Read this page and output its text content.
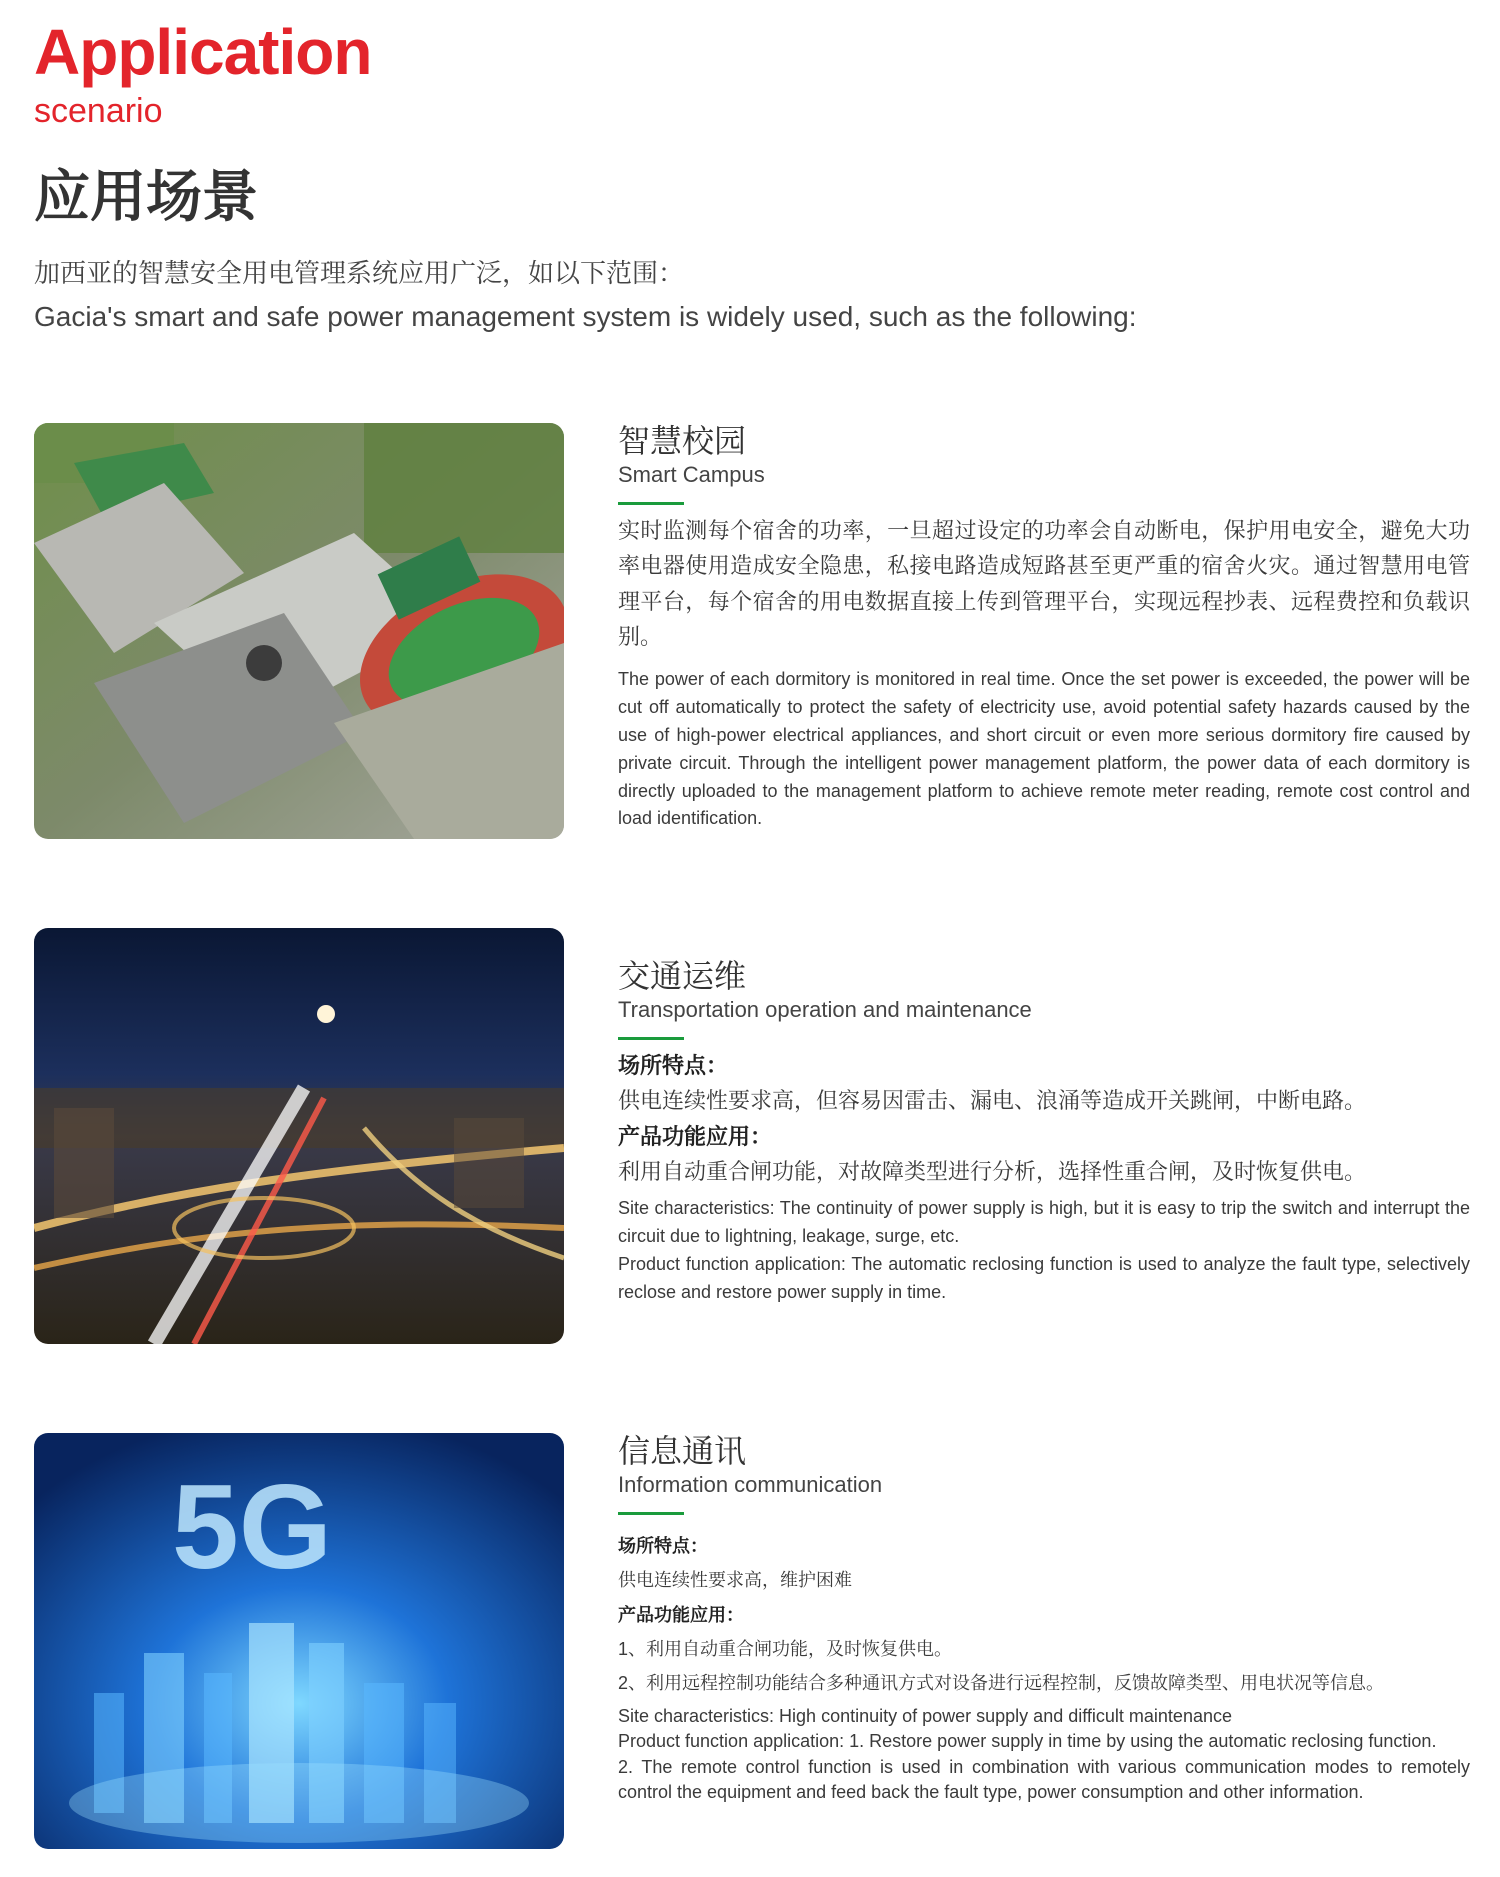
Application
scenario
应用场景
加西亚的智慧安全用电管理系统应用广泛，如以下范围：
Gacia's smart and safe power management system is widely used, such as the following:
智慧校园
Smart Campus
实时监测每个宿舍的功率，一旦超过设定的功率会自动断电，保护用电安全，避免大功率电器使用造成安全隐患，私接电路造成短路甚至更严重的宿舍火灾。通过智慧用电管理平台，每个宿舍的用电数据直接上传到管理平台，实现远程抄表、远程费控和负载识别。
The power of each dormitory is monitored in real time. Once the set power is exceeded, the power will be cut off automatically to protect the safety of electricity use, avoid potential safety hazards caused by the use of high-power electrical appliances, and short circuit or even more serious dormitory fire caused by private circuit. Through the intelligent power management platform, the power data of each dormitory is directly uploaded to the management platform to achieve remote meter reading, remote cost control and load identification.
交通运维
Transportation operation and maintenance
场所特点：
供电连续性要求高，但容易因雷击、漏电、浪涌等造成开关跳闸，中断电路。
产品功能应用：
利用自动重合闸功能，对故障类型进行分析，选择性重合闸，及时恢复供电。
Site characteristics: The continuity of power supply is high, but it is easy to trip the switch and interrupt the circuit due to lightning, leakage, surge, etc.
Product function application: The automatic reclosing function is used to analyze the fault type, selectively reclose and restore power supply in time.
5G
信息通讯
Information communication
场所特点：
供电连续性要求高，维护困难
产品功能应用：
1、利用自动重合闸功能，及时恢复供电。
2、利用远程控制功能结合多种通讯方式对设备进行远程控制，反馈故障类型、用电状况等信息。
Site characteristics: High continuity of power supply and difficult maintenance
Product function application: 1. Restore power supply in time by using the automatic reclosing function.
2. The remote control function is used in combination with various communication modes to remotely control the equipment and feed back the fault type, power consumption and other information.
